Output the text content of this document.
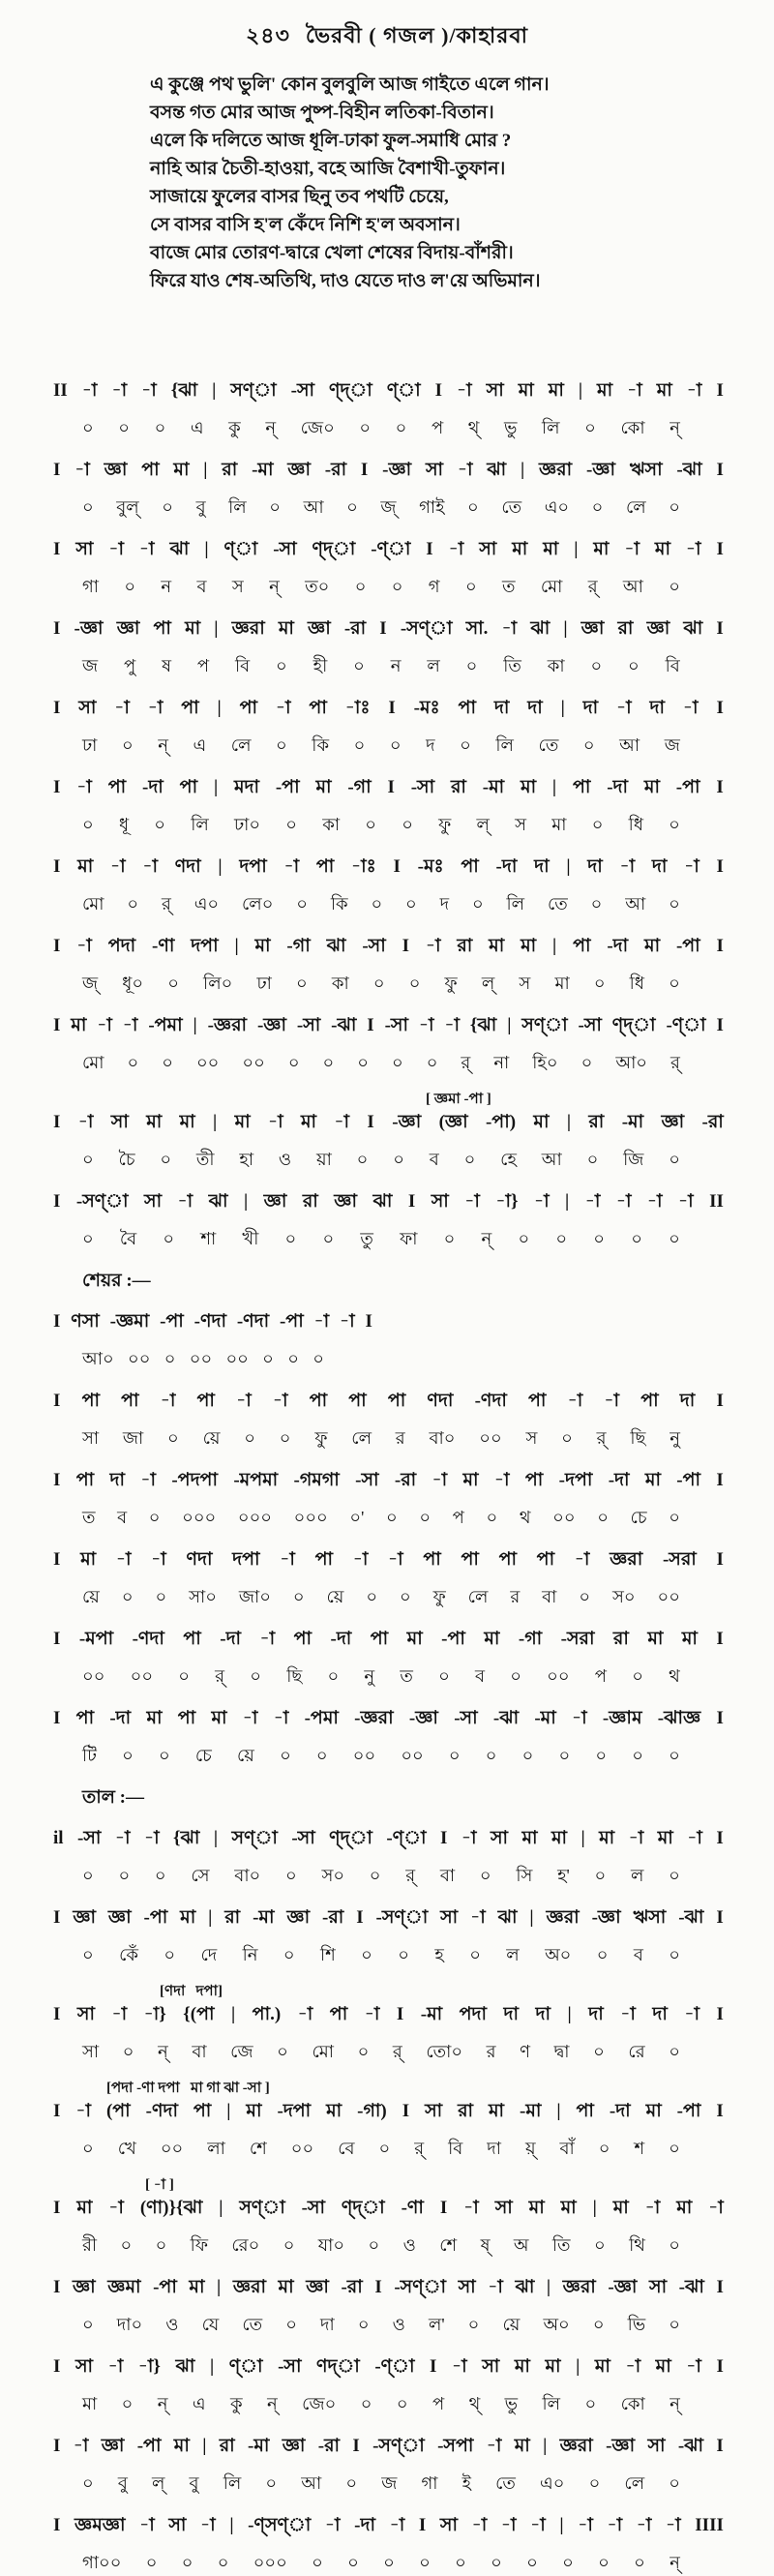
২৪৩ ভৈরবী ( গজল )/কাহারবা
এ কুঞ্জে পথ ভুলি' কোন বুলবুলি আজ গাইতে এলে গান।
বসন্ত গত মোর আজ পুষ্প-বিহীন লতিকা-বিতান।
এলে কি দলিতে আজ ধূলি-ঢাকা ফুল-সমাধি মোর ?
নাহি আর চৈতী-হাওয়া, বহে আজি বৈশাখী-তুফান।
সাজায়ে ফুলের বাসর ছিনু তব পথটি চেয়ে,
সে বাসর বাসি হ'ল কেঁদে নিশি হ'ল অবসান।
বাজে মোর তোরণ-দ্বারে খেলা শেষের বিদায়-বাঁশরী।
ফিরে যাও শেষ-অতিথি, দাও যেতে দাও ল'য়ে অভিমান।
II -া -া -া {ঝা | সণ্া -সা ণ্দ্া ণ্া I -া সা মা মা | মা -া মা -া I
০ ০ ০ এ কু ন্ জে০ ০ ০ প থ্ ভু লি ০ কো ন্
I -া জ্ঞা পা মা | রা -মা জ্ঞা -রা I -জ্ঞা সা -া ঝা | জ্ঞরা -জ্ঞা ঋসা -ঝা I
০ বুল্ ০ বু লি ০ আ ০ জ্ গাই ০ তে এ০ ০ লে ০
I সা -া -া ঝা | ণ্া -সা ণ্দ্া -ণ্া I -া সা মা মা | মা -া মা -া I
গা ০ ন ব স ন্ ত০ ০ ০ গ ০ ত মো র্ আ ০
I -জ্ঞা জ্ঞা পা মা | জ্ঞরা মা জ্ঞা -রা I -সণ্া সা. -া ঝা | জ্ঞা রা জ্ঞা ঝা I
জ পু ষ প বি ০ হী ০ ন ল ০ তি কা ০ ০ বি
I সা -া -া পা | পা -া পা -াঃ I -মঃ পা দা দা | দা -া দা -া I
ঢা ০ ন্ এ লে ০ কি ০ ০ দ ০ লি তে ০ আ জ
I -া পা -দা পা | মদা -পা মা -গা I -সা রা -মা মা | পা -দা মা -পা I
০ ধূ ০ লি ঢা০ ০ কা ০ ০ ফু ল্ স মা ০ ধি ০
I মা -া -া ণদা | দপা -া পা -াঃ I -মঃ পা -দা দা | দা -া দা -া I
মো ০ র্ এ০ লে০ ০ কি ০ ০ দ ০ লি তে ০ আ ০
I -া পদা -ণা দপা | মা -গা ঝা -সা I -া রা মা মা | পা -দা মা -পা I
জ্ ধূ০ ০ লি০ ঢা ০ কা ০ ০ ফু ল্ স মা ০ ধি ০
I মা -া -া -পমা | -জ্ঞরা -জ্ঞা -সা -ঝা I -সা -া -া {ঝা | সণ্া -সা ণ্দ্া -ণ্া I
মো ০ ০ ০০ ০০ ০ ০ ০ ০ ০ র্ না হি০ ০ আ০ র্
[ জ্ঞমা -পা ]
I -া সা মা মা | মা -া মা -া I -জ্ঞা (জ্ঞা -পা) মা | রা -মা জ্ঞা -রা
০ চৈ ০ তী হা ও য়া ০ ০ ব ০ হে আ ০ জি ০
I -সণ্া সা -া ঝা | জ্ঞা রা জ্ঞা ঝা I সা -া -া} -া | -া -া -া -া II
০ বৈ ০ শা খী ০ ০ তু ফা ০ ন্ ০ ০ ০ ০ ০
শেয়র :—
I ণসা -জ্ঞমা -পা -ণদা -ণদা -পা -া -া I
আ০ ০০ ০ ০০ ০০ ০ ০ ০
I পা পা -া পা -া -া পা পা পা ণদা -ণদা পা -া -া পা দা I
সা জা ০ য়ে ০ ০ ফু লে র বা০ ০০ স ০ র্ ছি নু
I পা দা -া -পদপা -মপমা -গমগা -সা -রা -া মা -া পা -দপা -দা মা -পা I
ত ব ০ ০০০ ০০০ ০০০ ০' ০ ০ প ০ থ ০০ ০ চে ০
I মা -া -া ণদা দপা -া পা -া -া পা পা পা পা -া জ্ঞরা -সরা I
য়ে ০ ০ সা০ জা০ ০ য়ে ০ ০ ফু লে র বা ০ স০ ০০
I -মপা -ণদা পা -দা -া পা -দা পা মা -পা মা -গা -সরা রা মা মা I
০০ ০০ ০ র্ ০ ছি ০ নু ত ০ ব ০ ০০ প ০ থ
I পা -দা মা পা মা -া -া -পমা -জ্ঞরা -জ্ঞা -সা -ঝা -মা -া -জ্ঞাম -ঝাজ্ঞ I
টি ০ ০ চে য়ে ০ ০ ০০ ০০ ০ ০ ০ ০ ০ ০ ০
তাল :—
il -সা -া -া {ঝা | সণ্া -সা ণ্দ্া -ণ্া I -া সা মা মা | মা -া মা -া I
০ ০ ০ সে বা০ ০ স০ ০ র্ বা ০ সি হ' ০ ল ০
I জ্ঞা জ্ঞা -পা মা | রা -মা জ্ঞা -রা I -সণ্া সা -া ঝা | জ্ঞরা -জ্ঞা ঋসা -ঝা I
০ কেঁ ০ দে নি ০ শি ০ ০ হ ০ ল অ০ ০ ব ০
[ণদা   দপা]
I সা -া -া} {(পা | পা.) -া পা -া I -মা পদা দা দা | দা -া দা -া I
সা ০ ন্ বা জে ০ মো ০ র্ তো০ র ণ দ্বা ০ রে ০
[পদা -ণা দপা   মা গা ঝা -সা ]
I -া (পা -ণদা পা | মা -দপা মা -গা) I সা রা মা -মা | পা -দা মা -পা I
০ খে ০০ লা শে ০০ বে ০ র্ বি দা য়্ বাঁ ০ শ ০
[ -া ]
I মা -া (ণা)}{ঝা | সণ্া -সা ণ্দ্া -ণা I -া সা মা মা | মা -া মা -া
রী ০ ০ ফি রে০ ০ যা০ ০ ও শে ষ্ অ তি ০ থি ০
I জ্ঞা জ্ঞমা -পা মা | জ্ঞরা মা জ্ঞা -রা I -সণ্া সা -া ঝা | জ্ঞরা -জ্ঞা সা -ঝা I
০ দা০ ও যে তে ০ দা ০ ও ল' ০ য়ে অ০ ০ ভি ০
I সা -া -া} ঝা | ণ্া -সা ণদ্া -ণ্া I -া সা মা মা | মা -া মা -া I
মা ০ ন্ এ কু ন্ জে০ ০ ০ প থ্ ভু লি ০ কো ন্
I -া জ্ঞা -পা মা | রা -মা জ্ঞা -রা I -সণ্া -সপা -া মা | জ্ঞরা -জ্ঞা সা -ঝা I
০ বু ল্ বু লি ০ আ ০ জ গা ই তে এ০ ০ লে ০
I জ্ঞমজ্ঞা -া সা -া | -ণ্সণ্া -া -দা -া I সা -া -া -া | -া -া -া -া IIII
গা০০ ০ ০ ০ ০০০ ০ ০ ০ ০ ০ ০ ০ ০ ০ ০ ন্
